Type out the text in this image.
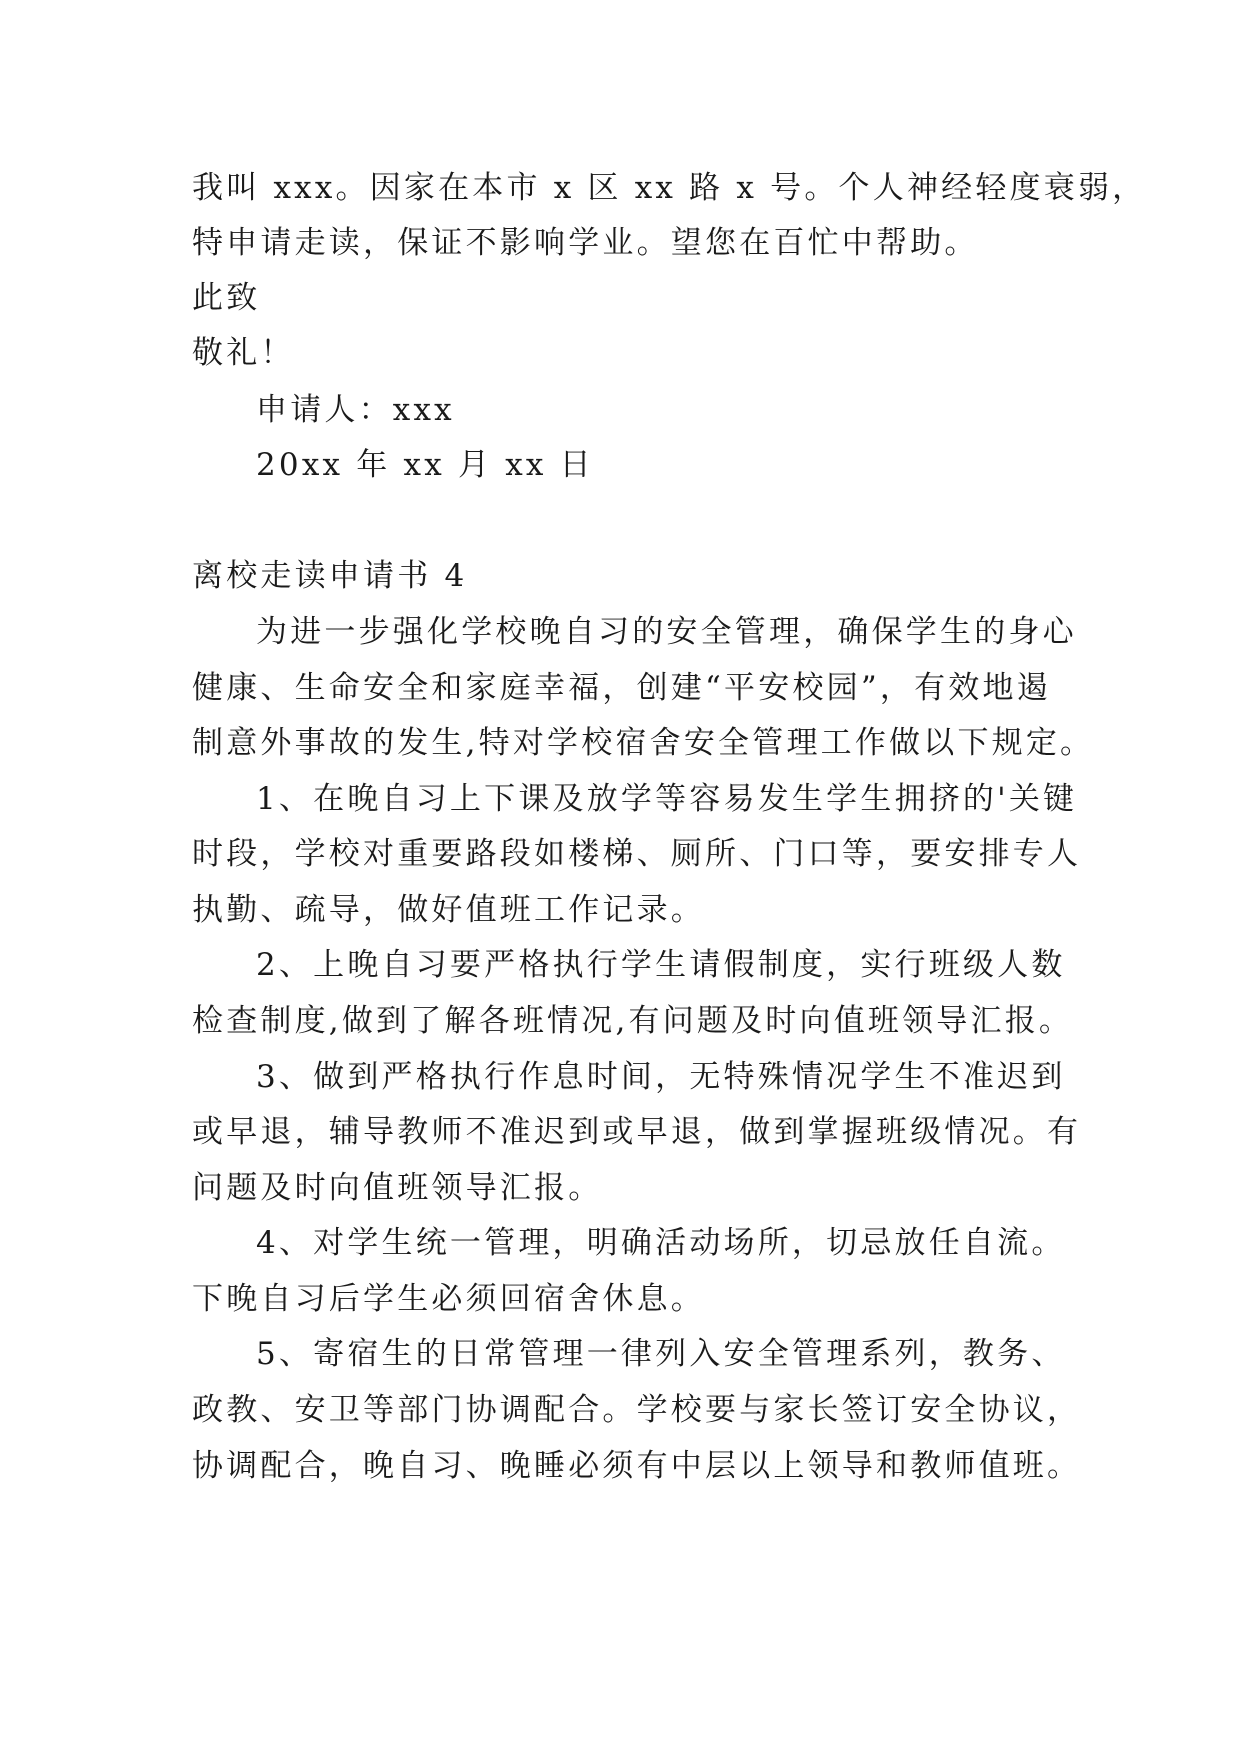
我叫 xxx。因家在本市 x 区 xx 路 x 号。个人神经轻度衰弱，
特申请走读，保证不影响学业。望您在百忙中帮助。
此致
敬礼！
申请人：xxx
20xx 年 xx 月 xx 日
离校走读申请书 4
为进一步强化学校晚自习的安全管理，确保学生的身心
健康、生命安全和家庭幸福，创建“平安校园”，有效地遏
制意外事故的发生,特对学校宿舍安全管理工作做以下规定。
1、在晚自习上下课及放学等容易发生学生拥挤的'关键
时段，学校对重要路段如楼梯、厕所、门口等，要安排专人
执勤、疏导，做好值班工作记录。
2、上晚自习要严格执行学生请假制度，实行班级人数
检查制度,做到了解各班情况,有问题及时向值班领导汇报。
3、做到严格执行作息时间，无特殊情况学生不准迟到
或早退，辅导教师不准迟到或早退，做到掌握班级情况。有
问题及时向值班领导汇报。
4、对学生统一管理，明确活动场所，切忌放任自流。
下晚自习后学生必须回宿舍休息。
5、寄宿生的日常管理一律列入安全管理系列，教务、
政教、安卫等部门协调配合。学校要与家长签订安全协议，
协调配合，晚自习、晚睡必须有中层以上领导和教师值班。
